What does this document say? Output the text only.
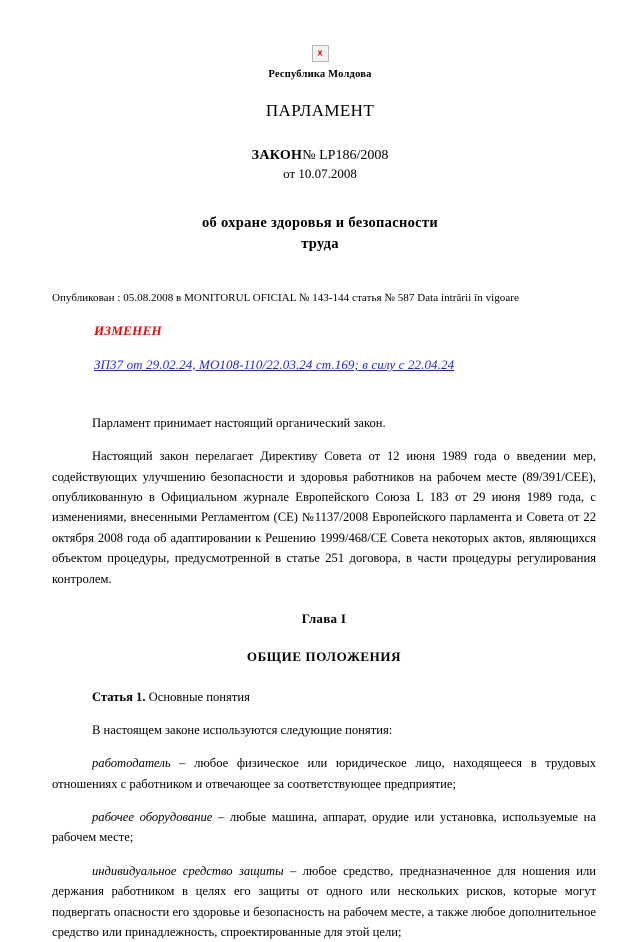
x
Республика Молдова
ПАРЛАМЕНТ
ЗАКОН№ LP186/2008
от 10.07.2008
об охране здоровья и безопасности
труда
Опубликован : 05.08.2008 в MONITORUL OFICIAL № 143-144 статья № 587 Data intrării în vigoare
ИЗМЕНЕН
ЗП37 от 29.02.24, МО108-110/22.03.24 ст.169; в силу с 22.04.24

Парламент принимает настоящий органический закон.

Настоящий закон перелагает Директиву Совета от 12 июня 1989 года о введении мер, содействующих улучшению безопасности и здоровья работников на рабочем месте (89/391/CEE), опубликованную в Официальном журнале Европейского Союза L 183 от 29 июня 1989 года, с изменениями, внесенными Регламентом (CE) №1137/2008 Европейского парламента и Совета от 22 октября 2008 года об адаптировании к Решению 1999/468/CE Совета некоторых актов, являющихся объектом процедуры, предусмотренной в статье 251 договора, в части процедуры регулирования контролем.

Глава I
ОБЩИЕ ПОЛОЖЕНИЯ

Статья 1. Основные понятия

В настоящем законе используются следующие понятия:

работодатель – любое физическое или юридическое лицо, находящееся в трудовых отношениях с работником и отвечающее за соответствующее предприятие;

рабочее оборудование – любые машина, аппарат, орудие или установка, используемые на рабочем месте;

индивидуальное средство защиты – любое средство, предназначенное для ношения или держания работником в целях его защиты от одного или нескольких рисков, которые могут подвергать опасности его здоровье и безопасность на рабочем месте, а также любое дополнительное средство или принадлежность, спроектированные для этой цели;
